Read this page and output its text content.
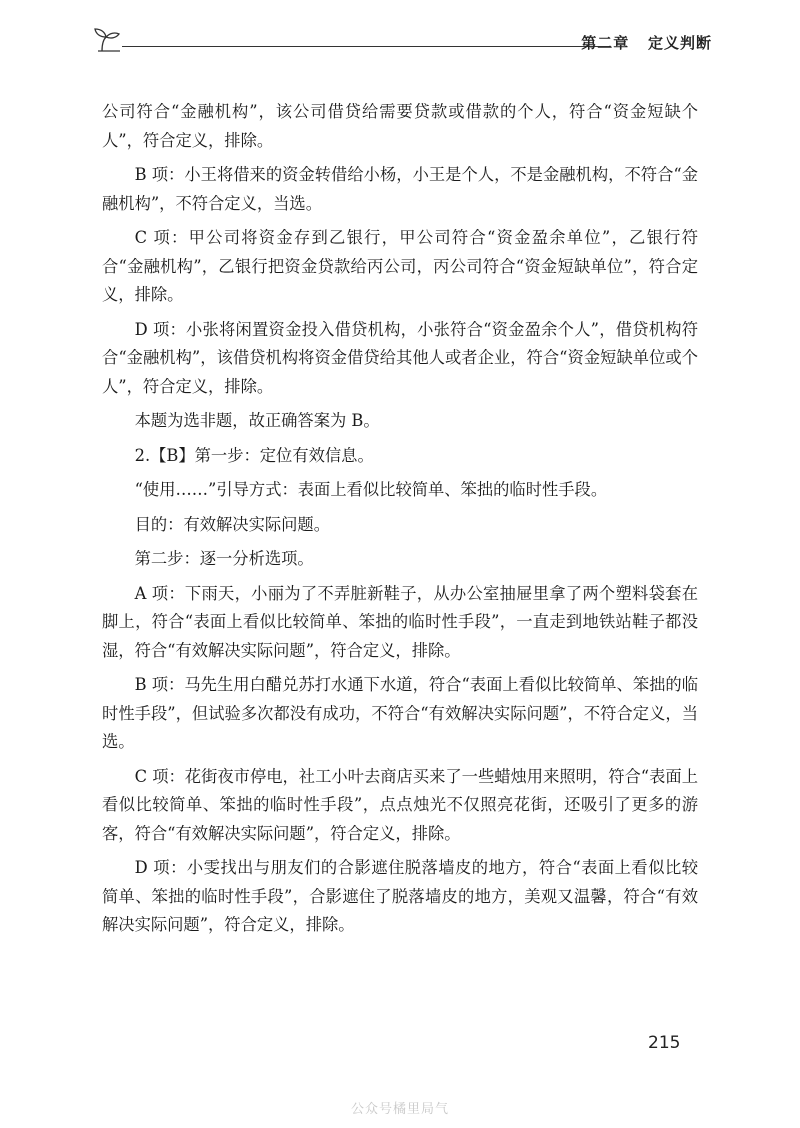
第二章 定义判断

公司符合“金融机构”，该公司借贷给需要贷款或借款的个人，符合“资金短缺个人”，符合定义，排除。

B 项：小王将借来的资金转借给小杨，小王是个人，不是金融机构，不符合“金融机构”，不符合定义，当选。

C 项：甲公司将资金存到乙银行，甲公司符合“资金盈余单位”，乙银行符合“金融机构”，乙银行把资金贷款给丙公司，丙公司符合“资金短缺单位”，符合定义，排除。

D 项：小张将闲置资金投入借贷机构，小张符合“资金盈余个人”，借贷机构符合“金融机构”，该借贷机构将资金借贷给其他人或者企业，符合“资金短缺单位或个人”，符合定义，排除。

本题为选非题，故正确答案为 B。

2.【B】第一步：定位有效信息。

“使用……”引导方式：表面上看似比较简单、笨拙的临时性手段。

目的：有效解决实际问题。

第二步：逐一分析选项。

A 项：下雨天，小丽为了不弄脏新鞋子，从办公室抽屉里拿了两个塑料袋套在脚上，符合“表面上看似比较简单、笨拙的临时性手段”，一直走到地铁站鞋子都没湿，符合“有效解决实际问题”，符合定义，排除。

B 项：马先生用白醋兑苏打水通下水道，符合“表面上看似比较简单、笨拙的临时性手段”，但试验多次都没有成功，不符合“有效解决实际问题”，不符合定义，当选。

C 项：花街夜市停电，社工小叶去商店买来了一些蜡烛用来照明，符合“表面上看似比较简单、笨拙的临时性手段”，点点烛光不仅照亮花街，还吸引了更多的游客，符合“有效解决实际问题”，符合定义，排除。

D 项：小雯找出与朋友们的合影遮住脱落墙皮的地方，符合“表面上看似比较简单、笨拙的临时性手段”，合影遮住了脱落墙皮的地方，美观又温馨，符合“有效解决实际问题”，符合定义，排除。

215
公众号橘里局气
